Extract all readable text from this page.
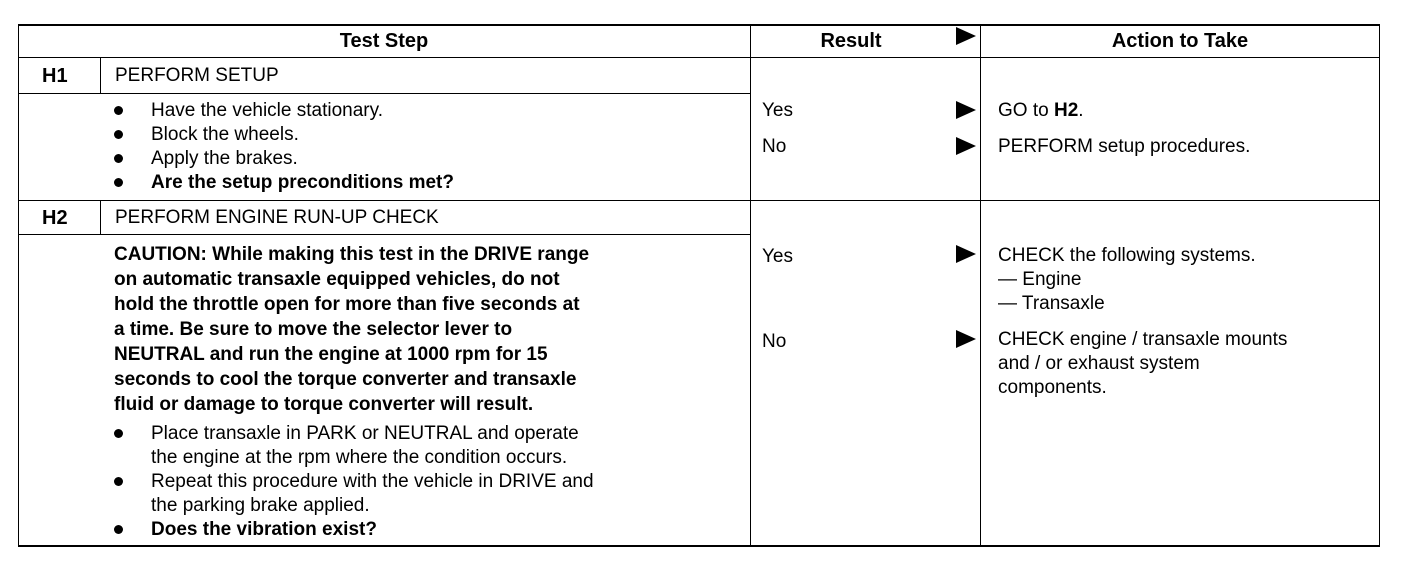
Test Step	Result	Action to Take
H1 PERFORM SETUP
Have the vehicle stationary.
Block the wheels.
Apply the brakes.
Are the setup preconditions met?
Yes	GO to H2.
No	PERFORM setup procedures.
H2 PERFORM ENGINE RUN-UP CHECK
CAUTION: While making this test in the DRIVE range
on automatic transaxle equipped vehicles, do not
hold the throttle open for more than five seconds at
a time. Be sure to move the selector lever to
NEUTRAL and run the engine at 1000 rpm for 15
seconds to cool the torque converter and transaxle
fluid or damage to torque converter will result.
Place transaxle in PARK or NEUTRAL and operate
the engine at the rpm where the condition occurs.
Repeat this procedure with the vehicle in DRIVE and
the parking brake applied.
Does the vibration exist?
Yes	CHECK the following systems.
— Engine
— Transaxle
No	CHECK engine / transaxle mounts
and / or exhaust system
components.
